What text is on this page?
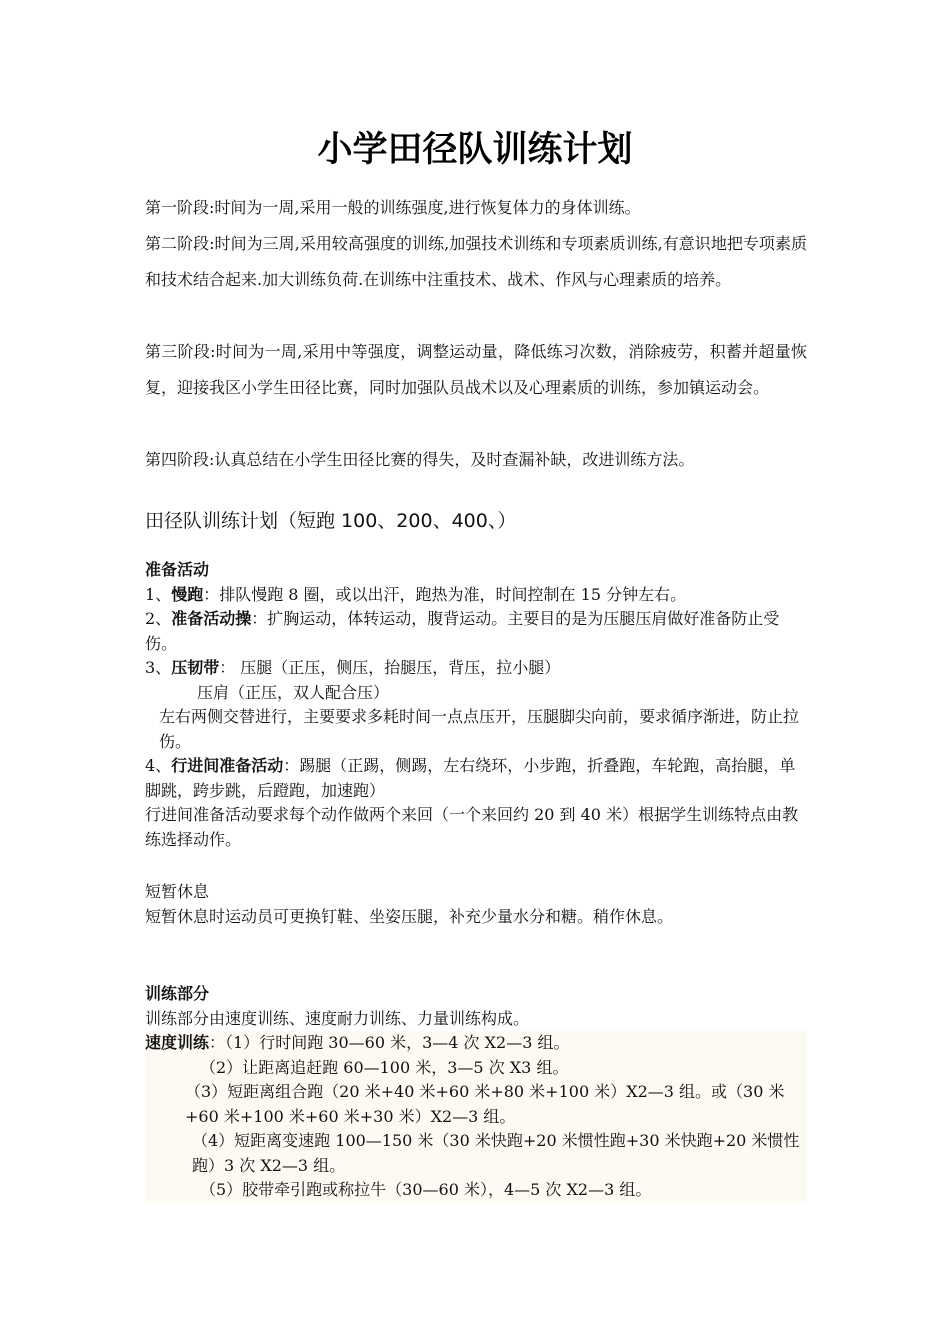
小学田径队训练计划
第一阶段:时间为一周,采用一般的训练强度,进行恢复体力的身体训练。
第二阶段:时间为三周,采用较高强度的训练,加强技术训练和专项素质训练,有意识地把专项素质和技术结合起来.加大训练负荷.在训练中注重技术、战术、作风与心理素质的培养。
第三阶段:时间为一周,采用中等强度，调整运动量，降低练习次数，消除疲劳，积蓄并超量恢复，迎接我区小学生田径比赛，同时加强队员战术以及心理素质的训练，参加镇运动会。
第四阶段:认真总结在小学生田径比赛的得失，及时查漏补缺，改进训练方法。
田径队训练计划（短跑 100、200、400、）

准备活动

1、慢跑：排队慢跑 8 圈，或以出汗，跑热为准，时间控制在 15 分钟左右。

2、准备活动操：扩胸运动，体转运动，腹背运动。主要目的是为压腿压肩做好准备防止受伤。

3、压韧带： 压腿（正压，侧压，抬腿压，背压，拉小腿）

压肩（正压，双人配合压）

左右两侧交替进行，主要要求多耗时间一点点压开，压腿脚尖向前，要求循序渐进，防止拉伤。

4、行进间准备活动：踢腿（正踢，侧踢，左右绕环，小步跑，折叠跑，车轮跑，高抬腿，单脚跳，跨步跳，后蹬跑，加速跑）

行进间准备活动要求每个动作做两个来回（一个来回约 20 到 40 米）根据学生训练特点由教练选择动作。

短暂休息

短暂休息时运动员可更换钉鞋、坐姿压腿，补充少量水分和糖。稍作休息。

训练部分

训练部分由速度训练、速度耐力训练、力量训练构成。

速度训练：（1）行时间跑 30—60 米，3—4 次 X2—3 组。

（2）让距离追赶跑 60—100 米，3—5 次 X3 组。

（3）短距离组合跑（20 米+40 米+60 米+80 米+100 米）X2—3 组。或（30 米+60 米+100 米+60 米+30 米）X2—3 组。

（4）短距离变速跑 100—150 米（30 米快跑+20 米惯性跑+30 米快跑+20 米惯性跑）3 次 X2—3 组。

（5）胶带牵引跑或称拉牛（30—60 米），4—5 次 X2—3 组。
